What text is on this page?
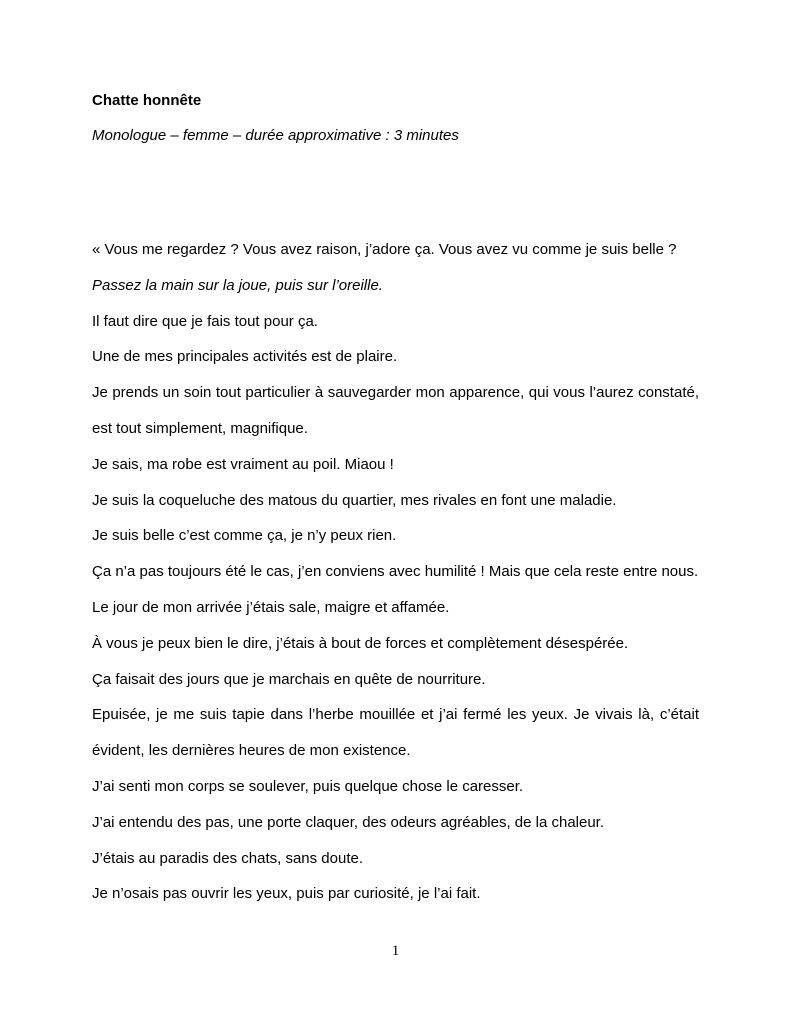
Chatte honnête
Monologue – femme – durée approximative : 3 minutes

« Vous me regardez ? Vous avez raison, j’adore ça. Vous avez vu comme je suis belle ?

Passez la main sur la joue, puis sur l’oreille.

Il faut dire que je fais tout pour ça.

Une de mes principales activités est de plaire.

Je prends un soin tout particulier à sauvegarder mon apparence, qui vous l’aurez constaté, est tout simplement, magnifique.

Je sais, ma robe est vraiment au poil. Miaou !

Je suis la coqueluche des matous du quartier, mes rivales en font une maladie.

Je suis belle c’est comme ça, je n’y peux rien.

Ça n’a pas toujours été le cas, j’en conviens avec humilité ! Mais que cela reste entre nous.

Le jour de mon arrivée j’étais sale, maigre et affamée.

À vous je peux bien le dire, j’étais à bout de forces et complètement désespérée.

Ça faisait des jours que je marchais en quête de nourriture.

Epuisée, je me suis tapie dans l’herbe mouillée et j’ai fermé les yeux. Je vivais là, c’était évident, les dernières heures de mon existence.

J’ai senti mon corps se soulever, puis quelque chose le caresser.

J’ai entendu des pas, une porte claquer, des odeurs agréables, de la chaleur.

J’étais au paradis des chats, sans doute.

Je n’osais pas ouvrir les yeux, puis par curiosité, je l’ai fait.

1
